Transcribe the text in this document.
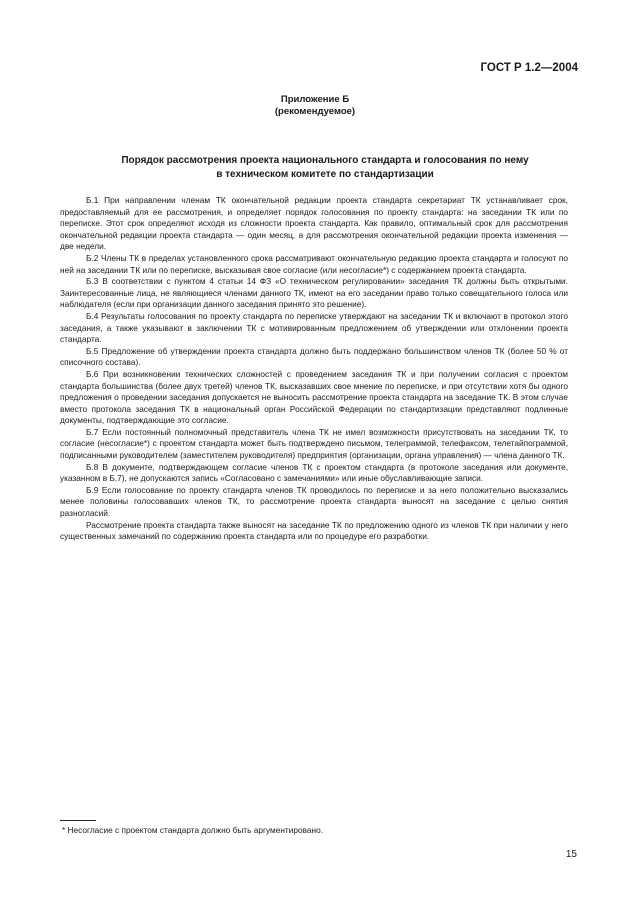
ГОСТ Р 1.2—2004
Приложение Б
(рекомендуемое)
Порядок рассмотрения проекта национального стандарта и голосования по нему
в техническом комитете по стандартизации

Б.1 При направлении членам ТК окончательной редакции проекта стандарта секретариат ТК устанавливает срок, предоставляемый для ее рассмотрения, и определяет порядок голосования по проекту стандарта: на заседании ТК или по переписке. Этот срок определяют исходя из сложности проекта стандарта. Как правило, оптимальный срок для рассмотрения окончательной редакции проекта стандарта — один месяц, а для рассмотрения окончательной редакции проекта изменения — две недели.

Б.2 Члены ТК в пределах установленного срока рассматривают окончательную редакцию проекта стандарта и голосуют по ней на заседании ТК или по переписке, высказывая свое согласие (или несогласие*) с содержанием проекта стандарта.

Б.3 В соответствии с пунктом 4 статьи 14 ФЗ «О техническом регулировании» заседания ТК должны быть открытыми. Заинтересованные лица, не являющиеся членами данного ТК, имеют на его заседании право только совещательного голоса или наблюдателя (если при организации данного заседания принято это решение).

Б.4 Результаты голосования по проекту стандарта по переписке утверждают на заседании ТК и включают в протокол этого заседания, а также указывают в заключении ТК с мотивированным предложением об утверждении или отклонении проекта стандарта.

Б.5 Предложение об утверждении проекта стандарта должно быть поддержано большинством членов ТК (более 50 % от списочного состава).

Б.6 При возникновении технических сложностей с проведением заседания ТК и при получении согласия с проектом стандарта большинства (более двух третей) членов ТК, высказавших свое мнение по переписке, и при отсутствии хотя бы одного предложения о проведении заседания допускается не выносить рассмотрение проекта стандарта на заседание ТК. В этом случае вместо протокола заседания ТК в национальный орган Российской Федерации по стандартизации представляют подлинные документы, подтверждающие это согласие.

Б.7 Если постоянный полномочный представитель члена ТК не имел возможности присутствовать на заседании ТК, то согласие (несогласие*) с проектом стандарта может быть подтверждено письмом, телеграммой, телефаксом, телетайпограммой, подписанными руководителем (заместителем руководителя) предприятия (организации, органа управления) — члена данного ТК.

Б.8 В документе, подтверждающем согласие членов ТК с проектом стандарта (в протоколе заседания или документе, указанном в Б.7), не допускаются запись «Согласовано с замечаниями» или иные обуславливающие записи.

Б.9 Если голосование по проекту стандарта членов ТК проводилось по переписке и за него положительно высказались менее половины голосовавших членов ТК, то рассмотрение проекта стандарта выносят на заседание с целью снятия разногласий.

Рассмотрение проекта стандарта также выносят на заседание ТК по предложению одного из членов ТК при наличии у него существенных замечаний по содержанию проекта стандарта или по процедуре его разработки.

* Несогласие с проектом стандарта должно быть аргументировано.
15
